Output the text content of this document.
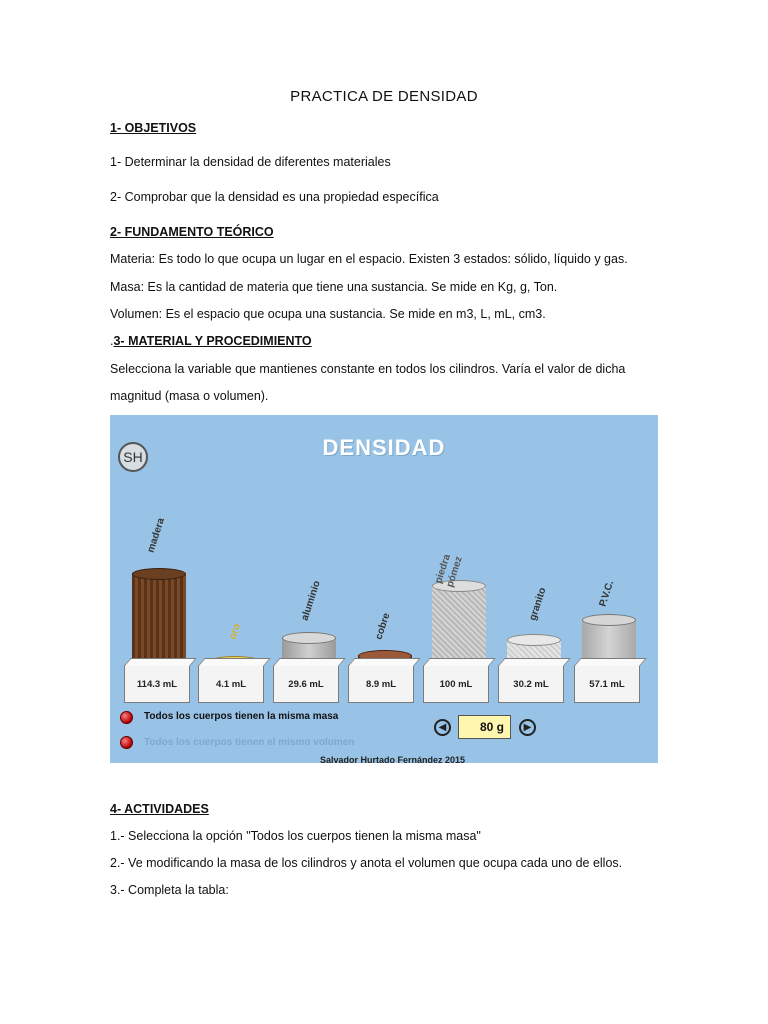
PRACTICA DE DENSIDAD
1- OBJETIVOS
1- Determinar la densidad de diferentes materiales
2- Comprobar que la densidad es una propiedad específica
2- FUNDAMENTO TEÓRICO
Materia: Es todo lo que ocupa un lugar en el espacio. Existen 3 estados: sólido, líquido y gas.
Masa: Es la cantidad de materia que tiene una sustancia. Se mide en Kg, g, Ton.
Volumen: Es el espacio que ocupa una sustancia. Se mide en m3, L, mL, cm3.
.3- MATERIAL Y PROCEDIMIENTO
Selecciona la variable que mantienes constante en todos los cilindros. Varía el valor de dicha
magnitud (masa o volumen).
SH	DENSIDAD
madera
oro
aluminio
cobre
piedra pómez
granito	P.V.C.
114.3 mL	4.1 mL	29.6 mL	8.9 mL	100 mL	30.2 mL	57.1 mL
Todos los cuerpos tienen la misma masa
Todos los cuerpos tienen el mismo volumen
◀	80 g	▶
Salvador Hurtado Fernández 2015
4- ACTIVIDADES
1.- Selecciona la opción "Todos los cuerpos tienen la misma masa"
2.- Ve modificando la masa de los cilindros y anota el volumen que ocupa cada uno de ellos.
3.- Completa la tabla:
